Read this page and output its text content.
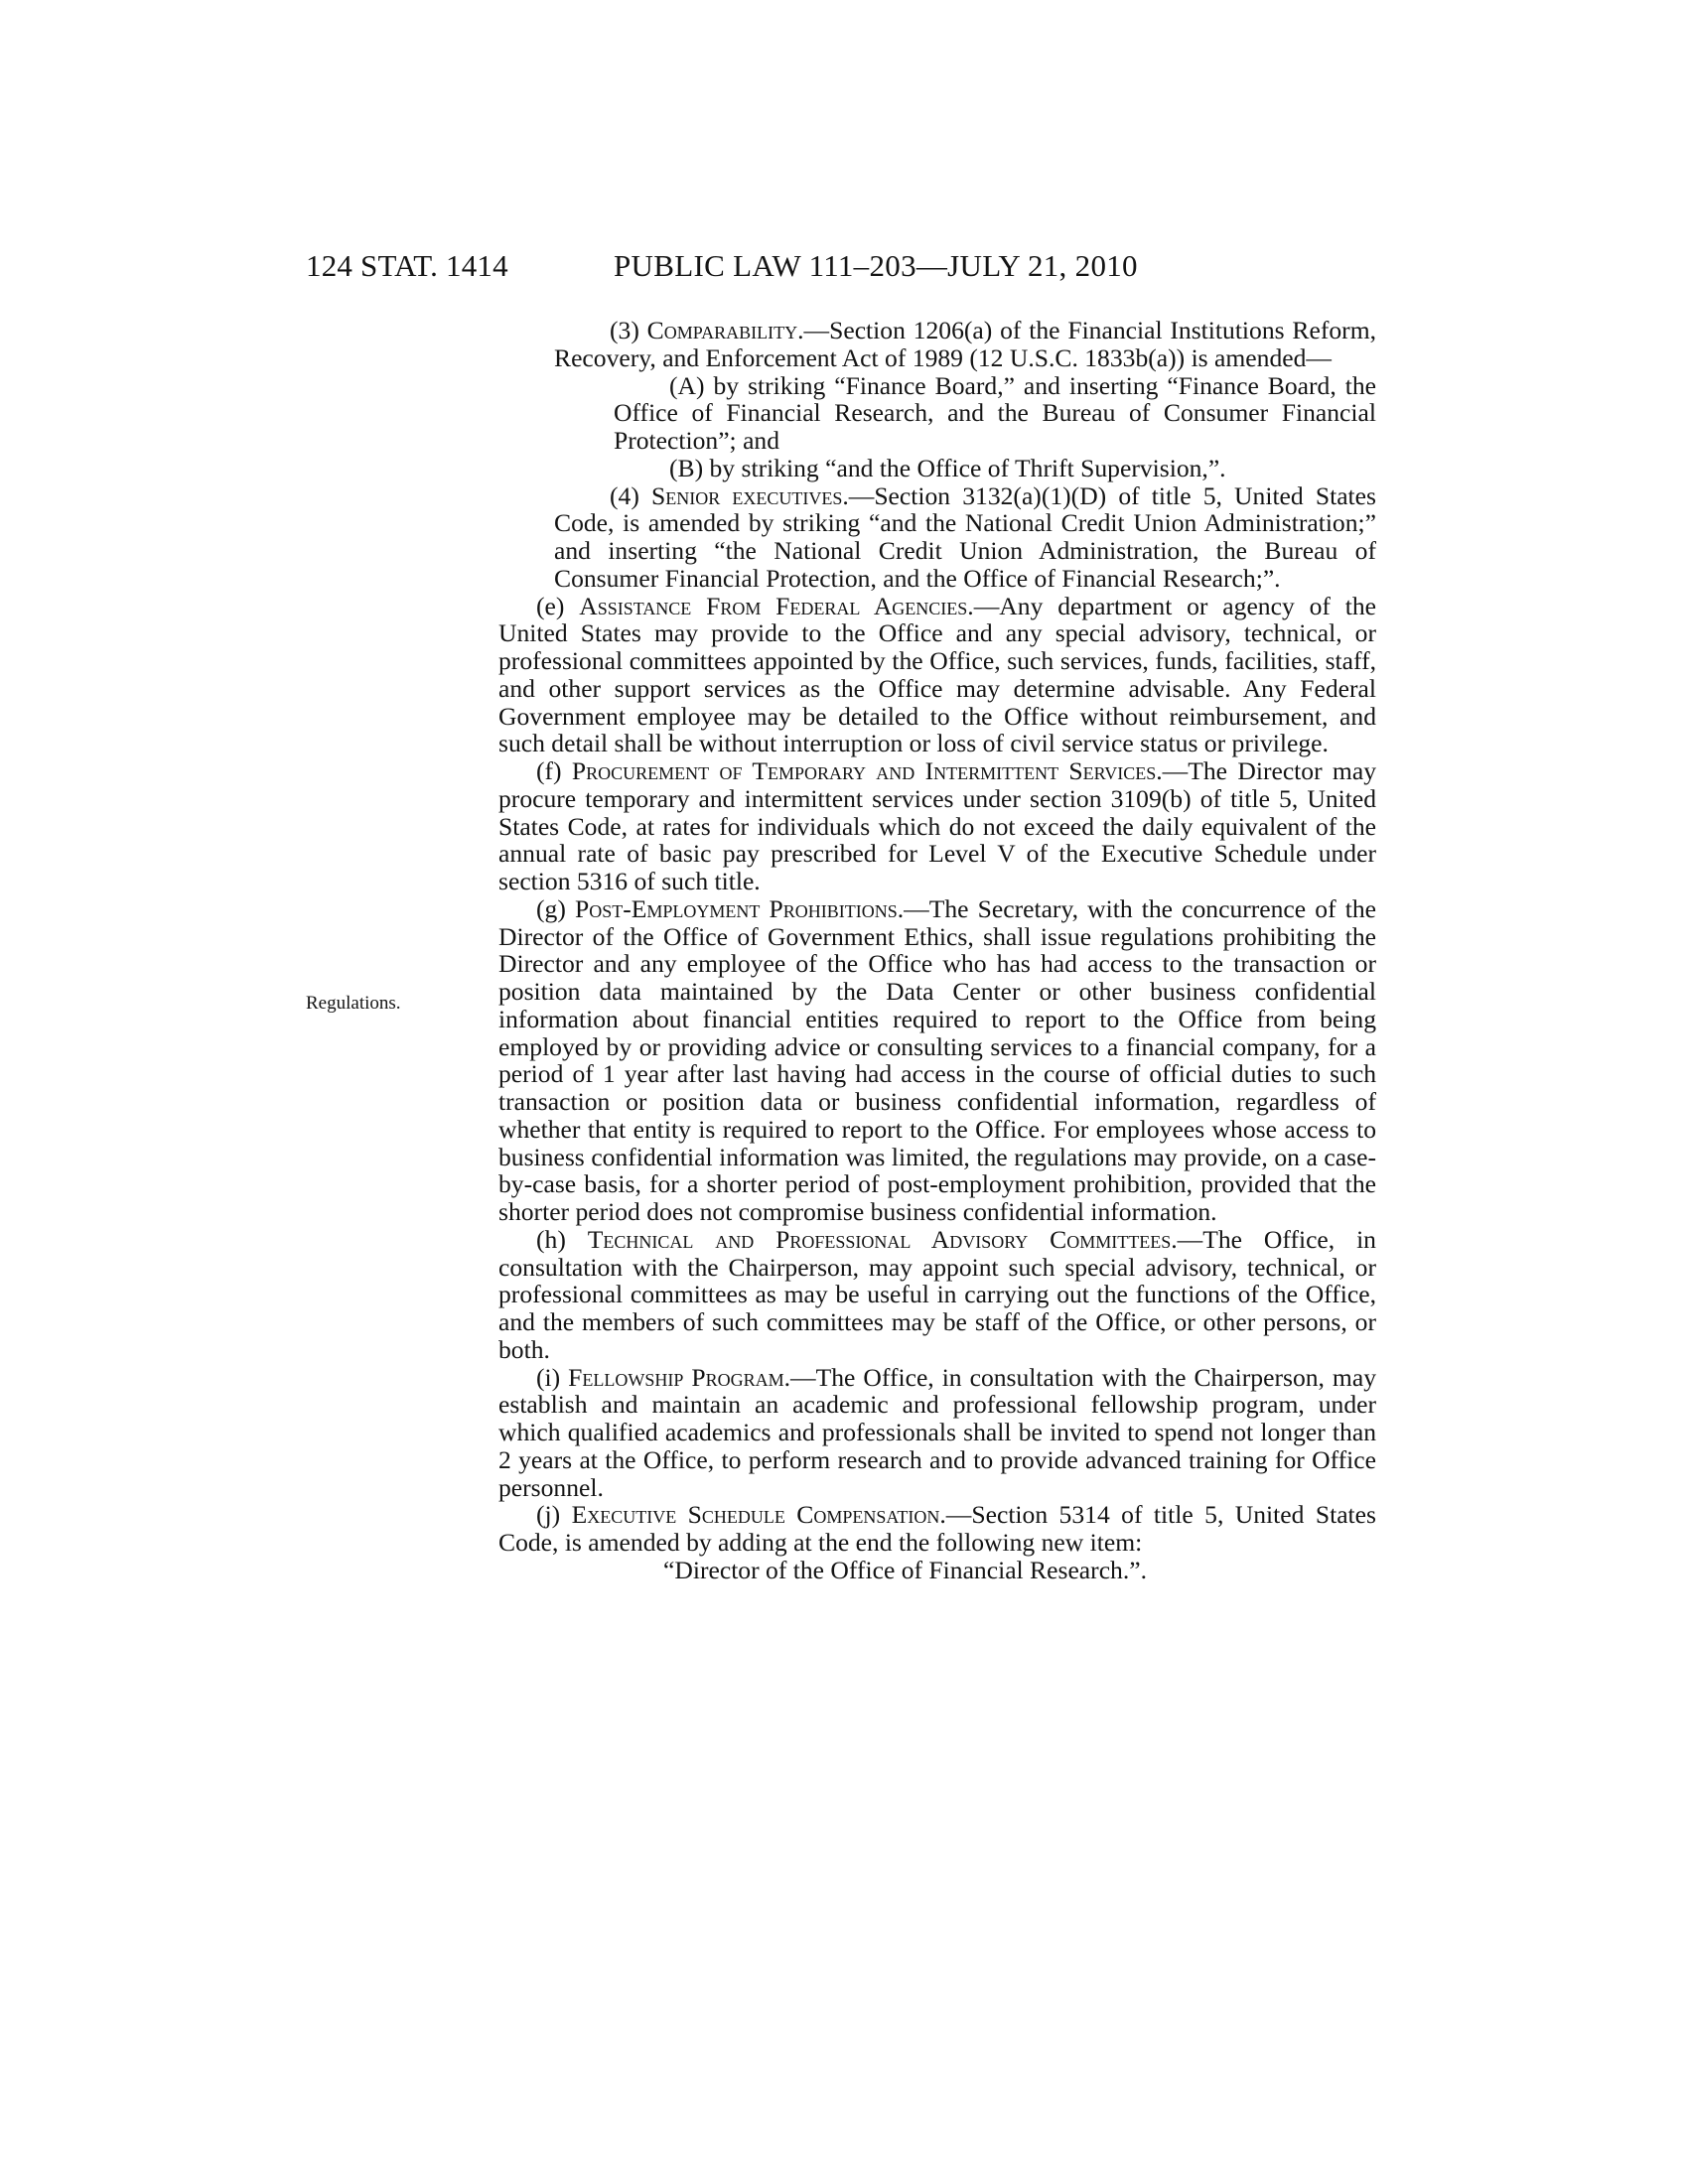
124 STAT. 1414	PUBLIC LAW 111–203—JULY 21, 2010
Regulations.

(3) Comparability.—Section 1206(a) of the Financial Institutions Reform, Recovery, and Enforcement Act of 1989 (12 U.S.C. 1833b(a)) is amended—

(A) by striking “Finance Board,” and inserting “Finance Board, the Office of Financial Research, and the Bureau of Consumer Financial Protection”; and

(B) by striking “and the Office of Thrift Supervision,”.

(4) Senior executives.—Section 3132(a)(1)(D) of title 5, United States Code, is amended by striking “and the National Credit Union Administration;” and inserting “the National Credit Union Administration, the Bureau of Consumer Financial Protection, and the Office of Financial Research;”.

(e) Assistance From Federal Agencies.—Any department or agency of the United States may provide to the Office and any special advisory, technical, or professional committees appointed by the Office, such services, funds, facilities, staff, and other support services as the Office may determine advisable. Any Federal Government employee may be detailed to the Office without reimbursement, and such detail shall be without interruption or loss of civil service status or privilege.

(f) Procurement of Temporary and Intermittent Services.—The Director may procure temporary and intermittent services under section 3109(b) of title 5, United States Code, at rates for individuals which do not exceed the daily equivalent of the annual rate of basic pay prescribed for Level V of the Executive Schedule under section 5316 of such title.

(g) Post-Employment Prohibitions.—The Secretary, with the concurrence of the Director of the Office of Government Ethics, shall issue regulations prohibiting the Director and any employee of the Office who has had access to the transaction or position data maintained by the Data Center or other business confidential information about financial entities required to report to the Office from being employed by or providing advice or consulting services to a financial company, for a period of 1 year after last having had access in the course of official duties to such transaction or position data or business confidential information, regardless of whether that entity is required to report to the Office. For employees whose access to business confidential information was limited, the regulations may provide, on a case-by-case basis, for a shorter period of post-employment prohibition, provided that the shorter period does not compromise business confidential information.

(h) Technical and Professional Advisory Committees.—The Office, in consultation with the Chairperson, may appoint such special advisory, technical, or professional committees as may be useful in carrying out the functions of the Office, and the members of such committees may be staff of the Office, or other persons, or both.

(i) Fellowship Program.—The Office, in consultation with the Chairperson, may establish and maintain an academic and professional fellowship program, under which qualified academics and professionals shall be invited to spend not longer than 2 years at the Office, to perform research and to provide advanced training for Office personnel.

(j) Executive Schedule Compensation.—Section 5314 of title 5, United States Code, is amended by adding at the end the following new item:

“Director of the Office of Financial Research.”.
